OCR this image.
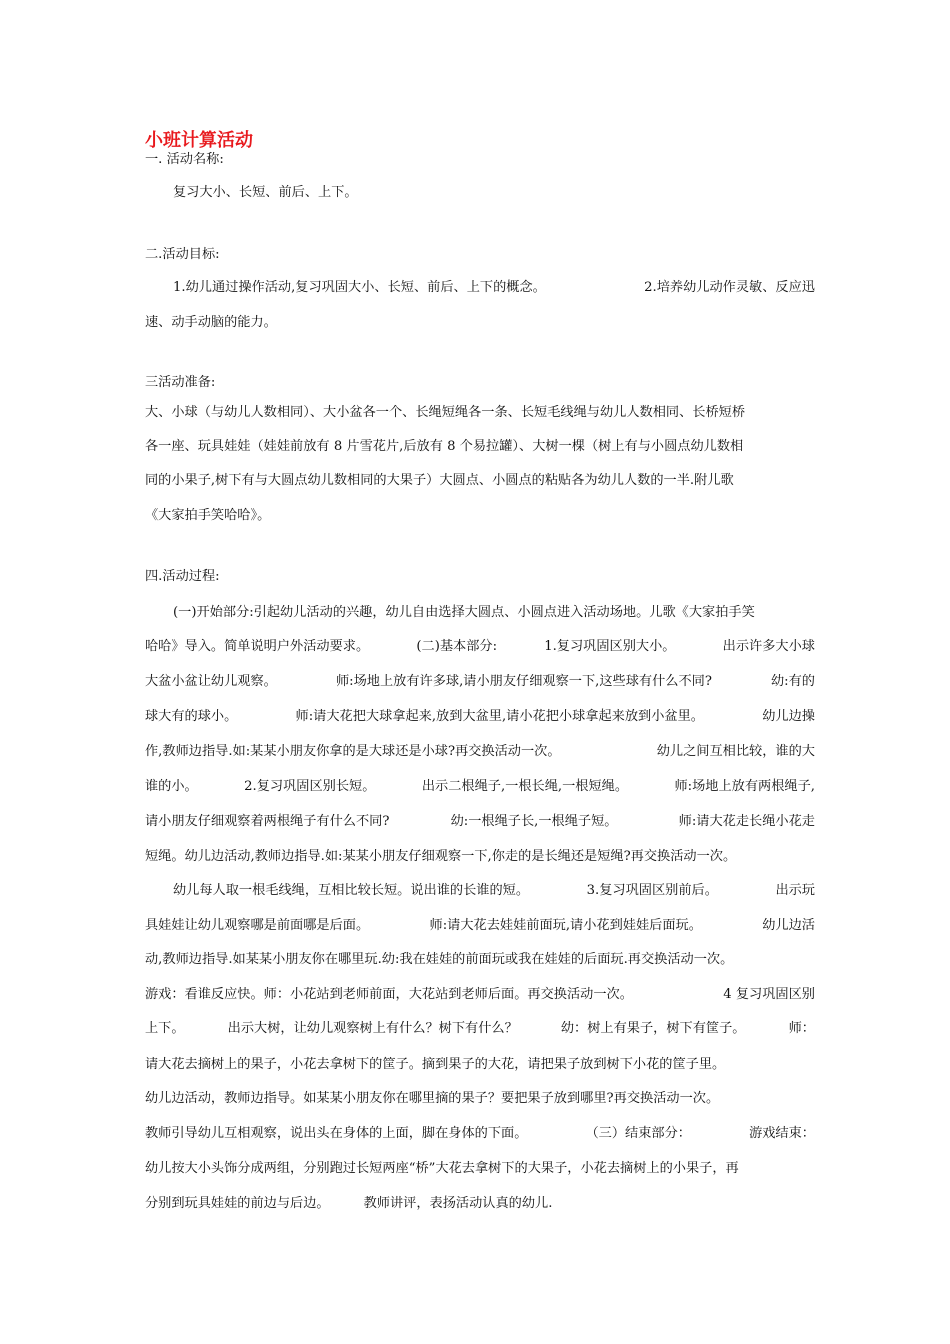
小班计算活动
一. 活动名称:
复习大小、长短、前后、上下。
二.活动目标:
1.幼儿通过操作活动,复习巩固大小、长短、前后、上下的概念。	2.培养幼儿动作灵敏、反应迅
速、动手动脑的能力。
三活动准备:
大、小球（与幼儿人数相同）、大小盆各一个、长绳短绳各一条、长短毛线绳与幼儿人数相同、长桥短桥
各一座、玩具娃娃（娃娃前放有 8 片雪花片,后放有 8 个易拉罐）、大树一棵（树上有与小圆点幼儿数相
同的小果子,树下有与大圆点幼儿数相同的大果子）大圆点、小圆点的粘贴各为幼儿人数的一半.附儿歌
《大家拍手笑哈哈》。
四.活动过程:
(一)开始部分:引起幼儿活动的兴趣，幼儿自由选择大圆点、小圆点进入活动场地。儿歌《大家拍手笑
哈哈》导入。简单说明户外活动要求。	(二)基本部分:	1.复习巩固区别大小。	出示许多大小球
大盆小盆让幼儿观察。	师:场地上放有许多球,请小朋友仔细观察一下,这些球有什么不同?	幼:有的
球大有的球小。	师:请大花把大球拿起来,放到大盆里,请小花把小球拿起来放到小盆里。	幼儿边操
作,教师边指导.如:某某小朋友你拿的是大球还是小球?再交换活动一次。	幼儿之间互相比较，谁的大
谁的小。	2.复习巩固区别长短。	出示二根绳子,一根长绳,一根短绳。	师:场地上放有两根绳子,
请小朋友仔细观察着两根绳子有什么不同?	幼:一根绳子长,一根绳子短。	师:请大花走长绳小花走
短绳。 幼儿边活动,教师边指导.如:某某小朋友仔细观察一下,你走的是长绳还是短绳?再交换活动一次。
幼儿每人取一根毛线绳，互相比较长短。说出谁的长谁的短。	3.复习巩固区别前后。	出示玩
具娃娃让幼儿观察哪是前面哪是后面。	师:请大花去娃娃前面玩,请小花到娃娃后面玩。	幼儿边活
动,教师边指导.如某某小朋友你在哪里玩.幼:我在娃娃的前面玩或我在娃娃的后面玩.再交换活动一次。
游戏：看谁反应快。师：小花站到老师前面，大花站到老师后面。再交换活动一次。	4 复习巩固区别
上下。	出示大树，让幼儿观察树上有什么？树下有什么？	幼：树上有果子，树下有筐子。	师：
请大花去摘树上的果子，小花去拿树下的筐子。摘到果子的大花，请把果子放到树下小花的筐子里。
幼儿边活动，教师边指导。如某某小朋友你在哪里摘的果子？要把果子放到哪里?再交换活动一次。
教师引导幼儿互相观察，说出头在身体的上面，脚在身体的下面。	（三）结束部分：	游戏结束：
幼儿按大小头饰分成两组，分别跑过长短两座“桥”大花去拿树下的大果子，小花去摘树上的小果子，再
分别到玩具娃娃的前边与后边。	教师讲评，表扬活动认真的幼儿.
